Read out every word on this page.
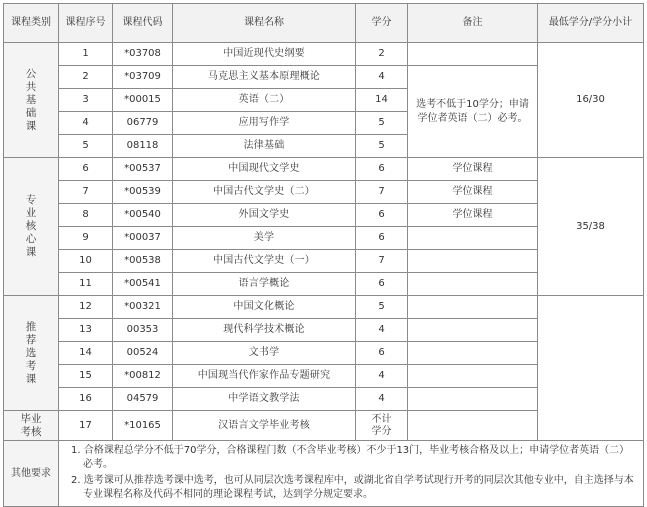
课程类别	课程序号	课程代码	课程名称	学分	备注	最低学分/学分小计
公共基础课	1	*03708	中国近现代史纲要	2		16/30
	2	*03709	马克思主义基本原理概论	4	选考不低于10学分；申请学位者英语（二）必考。	
	3	*00015	英语（二）	14		
	4	06779	应用写作学	5		
	5	08118	法律基础	5		
专业核心课	6	*00537	中国现代文学史	6	学位课程	35/38
	7	*00539	中国古代文学史（二）	7	学位课程	
	8	*00540	外国文学史	6	学位课程	
	9	*00037	美学	6		
	10	*00538	中国古代文学史（一）	7		
	11	*00541	语言学概论	6		
推荐选考课	12	*00321	中国文化概论	5		
	13	00353	现代科学技术概论	4		
	14	00524	文书学	6		
	15	*00812	中国现当代作家作品专题研究	4		
	16	04579	中学语文教学法	4		
毕业考核	17	*10165	汉语言文学毕业考核	不计学分		
其他要求	1. 合格课程总学分不低于70学分，合格课程门数（不含毕业考核）不少于13门，毕业考核合格及以上；申请学位者英语（二）必考。

2. 选考课可从推荐选考课中选考，也可从同层次选考课程库中，或湖北省自学考试现行开考的同层次其他专业中，自主选择与本专业课程名称及代码不相同的理论课程考试，达到学分规定要求。					
